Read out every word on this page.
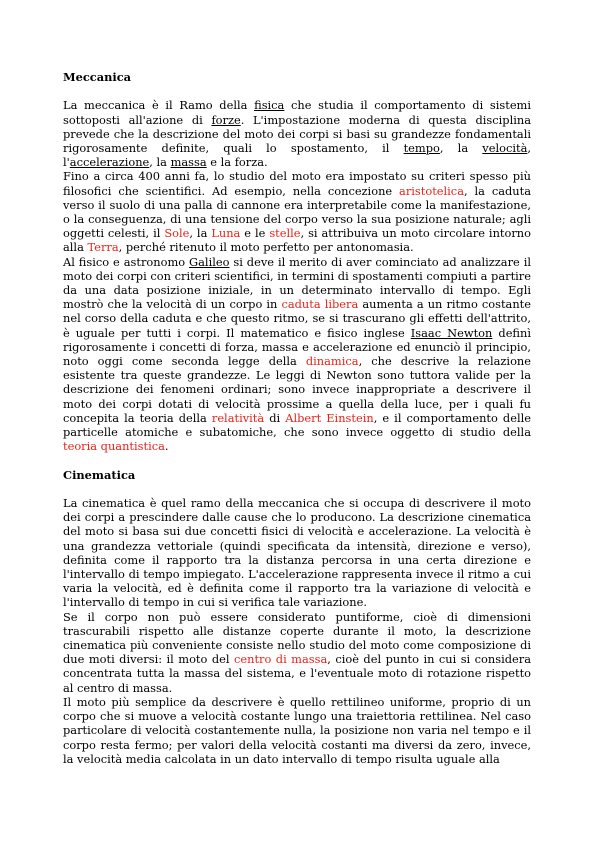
Meccanica

La meccanica è il Ramo della fisica che studia il comportamento di sistemi sottoposti all'azione di forze. L'impostazione moderna di questa disciplina prevede che la descrizione del moto dei corpi si basi su grandezze fondamentali rigorosamente definite, quali lo spostamento, il tempo, la velocità, l'accelerazione, la massa e la forza.

Fino a circa 400 anni fa, lo studio del moto era impostato su criteri spesso più filosofici che scientifici. Ad esempio, nella concezione aristotelica, la caduta verso il suolo di una palla di cannone era interpretabile come la manifestazione, o la conseguenza, di una tensione del corpo verso la sua posizione naturale; agli oggetti celesti, il Sole, la Luna e le stelle, si attribuiva un moto circolare intorno alla Terra, perché ritenuto il moto perfetto per antonomasia.

Al fisico e astronomo Galileo si deve il merito di aver cominciato ad analizzare il moto dei corpi con criteri scientifici, in termini di spostamenti compiuti a partire da una data posizione iniziale, in un determinato intervallo di tempo. Egli mostrò che la velocità di un corpo in caduta libera aumenta a un ritmo costante nel corso della caduta e che questo ritmo, se si trascurano gli effetti dell'attrito, è uguale per tutti i corpi. Il matematico e fisico inglese Isaac Newton definì rigorosamente i concetti di forza, massa e accelerazione ed enunciò il principio, noto oggi come seconda legge della dinamica, che descrive la relazione esistente tra queste grandezze. Le leggi di Newton sono tuttora valide per la descrizione dei fenomeni ordinari; sono invece inappropriate a descrivere il moto dei corpi dotati di velocità prossime a quella della luce, per i quali fu concepita la teoria della relatività di Albert Einstein, e il comportamento delle particelle atomiche e subatomiche, che sono invece oggetto di studio della teoria quantistica.

Cinematica

La cinematica è quel ramo della meccanica che si occupa di descrivere il moto dei corpi a prescindere dalle cause che lo producono. La descrizione cinematica del moto si basa sui due concetti fisici di velocità e accelerazione. La velocità è una grandezza vettoriale (quindi specificata da intensità, direzione e verso), definita come il rapporto tra la distanza percorsa in una certa direzione e l'intervallo di tempo impiegato. L'accelerazione rappresenta invece il ritmo a cui varia la velocità, ed è definita come il rapporto tra la variazione di velocità e l'intervallo di tempo in cui si verifica tale variazione.

Se il corpo non può essere considerato puntiforme, cioè di dimensioni trascurabili rispetto alle distanze coperte durante il moto, la descrizione cinematica più conveniente consiste nello studio del moto come composizione di due moti diversi: il moto del centro di massa, cioè del punto in cui si considera concentrata tutta la massa del sistema, e l'eventuale moto di rotazione rispetto al centro di massa.

Il moto più semplice da descrivere è quello rettilineo uniforme, proprio di un corpo che si muove a velocità costante lungo una traiettoria rettilinea. Nel caso particolare di velocità costantemente nulla, la posizione non varia nel tempo e il corpo resta fermo; per valori della velocità costanti ma diversi da zero, invece, la velocità media calcolata in un dato intervallo di tempo risulta uguale alla
